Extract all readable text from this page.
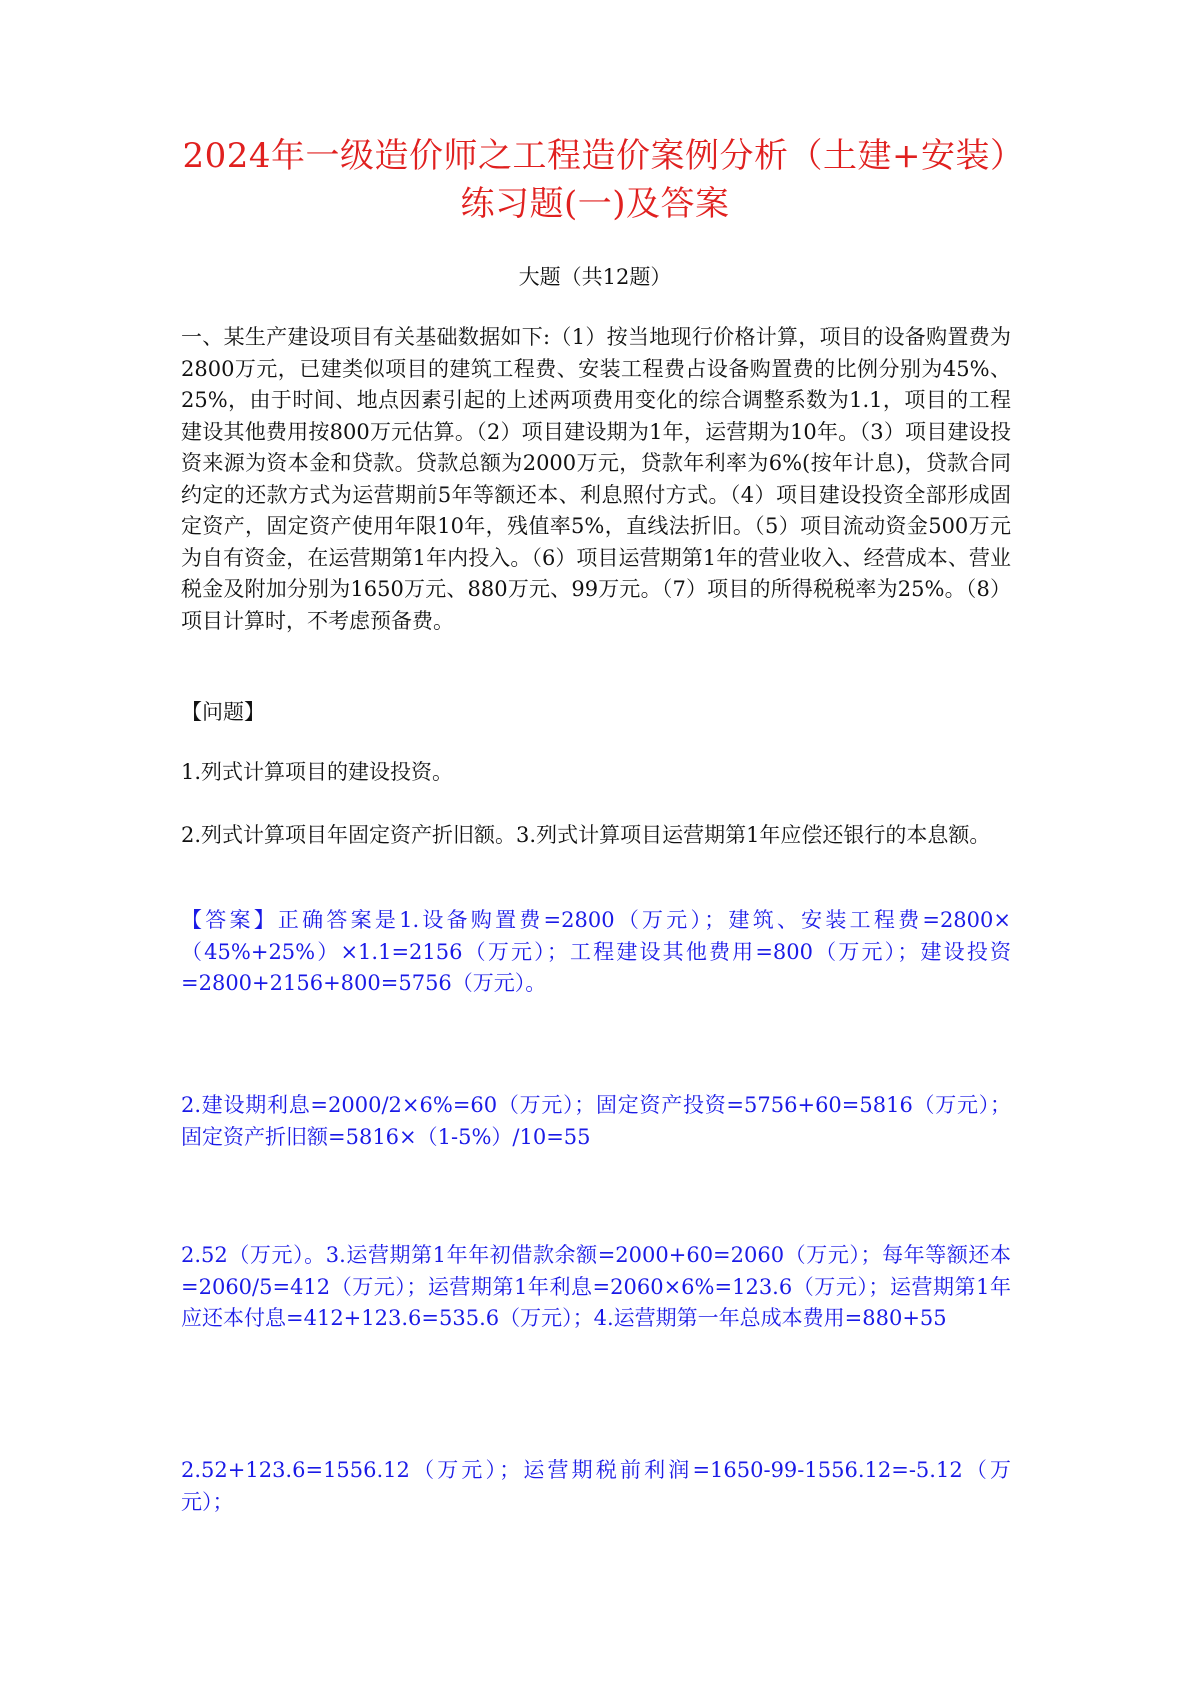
2024年一级造价师之工程造价案例分析（土建+安装）练习题(一)及答案

大题（共12题）

一、某生产建设项目有关基础数据如下:（1）按当地现行价格计算，项目的设备购置费为2800万元，已建类似项目的建筑工程费、安装工程费占设备购置费的比例分别为45%、25%，由于时间、地点因素引起的上述两项费用变化的综合调整系数为1.1，项目的工程建设其他费用按800万元估算。（2）项目建设期为1年，运营期为10年。（3）项目建设投资来源为资本金和贷款。贷款总额为2000万元，贷款年利率为6%(按年计息)，贷款合同约定的还款方式为运营期前5年等额还本、利息照付方式。（4）项目建设投资全部形成固定资产，固定资产使用年限10年，残值率5%，直线法折旧。（5）项目流动资金500万元为自有资金，在运营期第1年内投入。（6）项目运营期第1年的营业收入、经营成本、营业税金及附加分别为1650万元、880万元、99万元。（7）项目的所得税税率为25%。（8）项目计算时，不考虑预备费。

【问题】

1.列式计算项目的建设投资。

2.列式计算项目年固定资产折旧额。3.列式计算项目运营期第1年应偿还银行的本息额。

【答案】正确答案是1.设备购置费=2800（万元）；建筑、安装工程费=2800×（45%+25%）×1.1=2156（万元）；工程建设其他费用=800（万元）；建设投资=2800+2156+800=5756（万元）。

2.建设期利息=2000/2×6%=60（万元）；固定资产投资=5756+60=5816（万元）；固定资产折旧额=5816×（1-5%）/10=55

2.52（万元）。3.运营期第1年年初借款余额=2000+60=2060（万元）；每年等额还本=2060/5=412（万元）；运营期第1年利息=2060×6%=123.6（万元）；运营期第1年应还本付息=412+123.6=535.6（万元）；4.运营期第一年总成本费用=880+55

2.52+123.6=1556.12（万元）；运营期税前利润=1650-99-1556.12=-5.12（万元）；
